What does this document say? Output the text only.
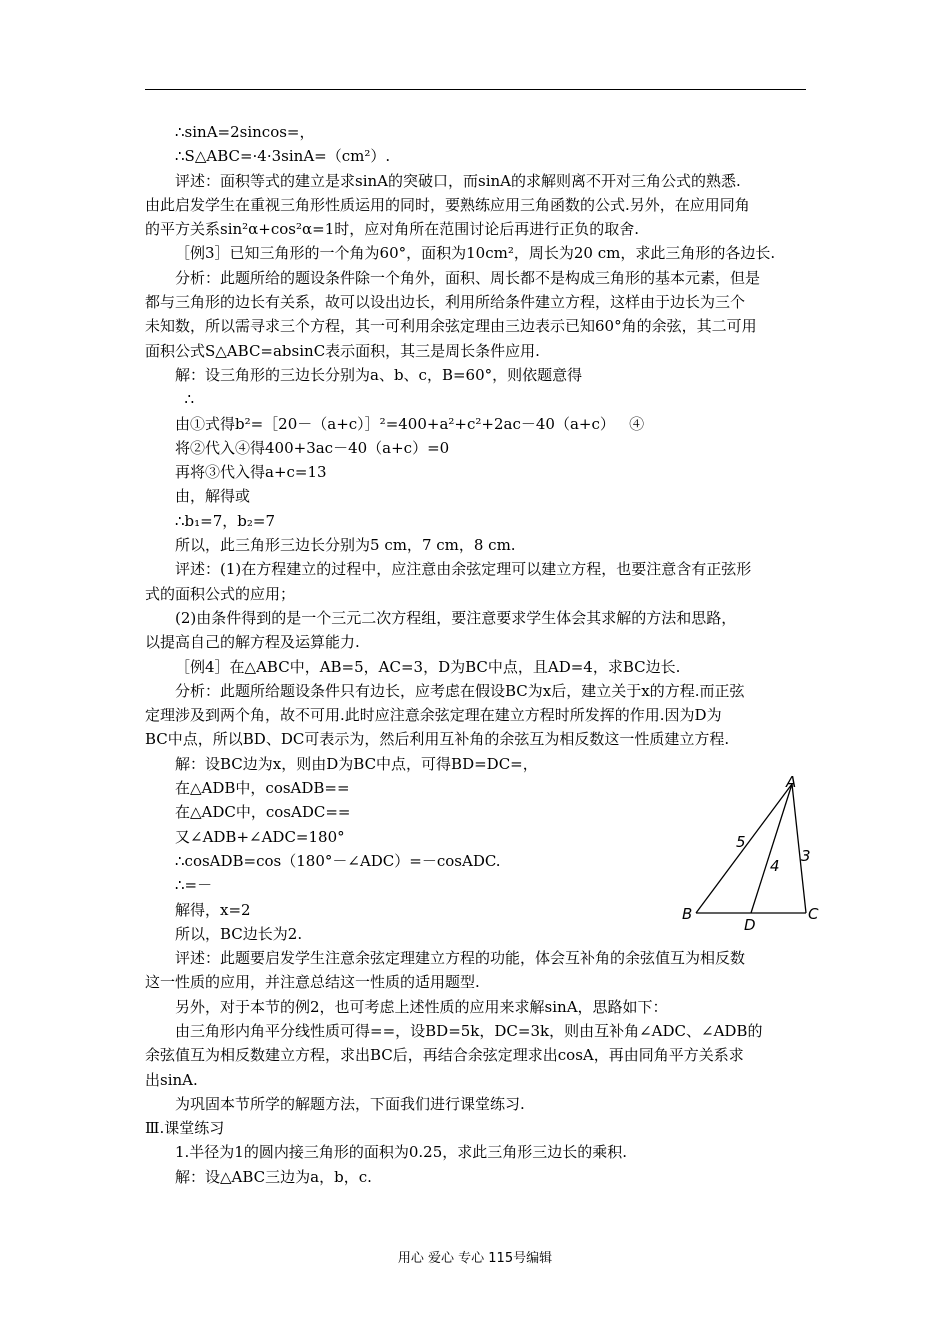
∴sinA=2sincos=，

∴S△ABC=·4·3sinA=（cm²）.

评述：面积等式的建立是求sinA的突破口，而sinA的求解则离不开对三角公式的熟悉.

由此启发学生在重视三角形性质运用的同时，要熟练应用三角函数的公式.另外，在应用同角

的平方关系sin²α+cos²α=1时，应对角所在范围讨论后再进行正负的取舍.

［例3］已知三角形的一个角为60°，面积为10cm²，周长为20 cm，求此三角形的各边长.

分析：此题所给的题设条件除一个角外，面积、周长都不是构成三角形的基本元素，但是

都与三角形的边长有关系，故可以设出边长，利用所给条件建立方程，这样由于边长为三个

未知数，所以需寻求三个方程，其一可利用余弦定理由三边表示已知60°角的余弦，其二可用

面积公式S△ABC=absinC表示面积，其三是周长条件应用.

解：设三角形的三边长分别为a、b、c，B=60°，则依题意得

∴

由①式得b²=［20－（a+c）］²=400+a²+c²+2ac－40（a+c）   ④

将②代入④得400+3ac－40（a+c）=0

再将③代入得a+c=13

由，解得或

∴b₁=7，b₂=7

所以，此三角形三边长分别为5 cm，7 cm，8 cm.

评述：(1)在方程建立的过程中，应注意由余弦定理可以建立方程，也要注意含有正弦形

式的面积公式的应用；

(2)由条件得到的是一个三元二次方程组，要注意要求学生体会其求解的方法和思路，

以提高自己的解方程及运算能力.

［例4］在△ABC中，AB=5，AC=3，D为BC中点，且AD=4，求BC边长.

分析：此题所给题设条件只有边长，应考虑在假设BC为x后，建立关于x的方程.而正弦

定理涉及到两个角，故不可用.此时应注意余弦定理在建立方程时所发挥的作用.因为D为

BC中点，所以BD、DC可表示为，然后利用互补角的余弦互为相反数这一性质建立方程.

解：设BC边为x，则由D为BC中点，可得BD=DC=，

在△ADB中，cosADB==

在△ADC中，cosADC==

又∠ADB+∠ADC=180°

∴cosADB=cos（180°－∠ADC）=－cosADC.

∴=－

解得，x=2

所以，BC边长为2.

评述：此题要启发学生注意余弦定理建立方程的功能，体会互补角的余弦值互为相反数

这一性质的应用，并注意总结这一性质的适用题型.

另外，对于本节的例2，也可考虑上述性质的应用来求解sinA，思路如下：

由三角形内角平分线性质可得==，设BD=5k，DC=3k，则由互补角∠ADC、∠ADB的

余弦值互为相反数建立方程，求出BC后，再结合余弦定理求出cosA，再由同角平方关系求

出sinA.

为巩固本节所学的解题方法，下面我们进行课堂练习.

Ⅲ.课堂练习

1.半径为1的圆内接三角形的面积为0.25，求此三角形三边长的乘积.

解：设△ABC三边为a，b，c.

A
B	C
D
5
4
3
用心 爱心 专心 115号编辑
